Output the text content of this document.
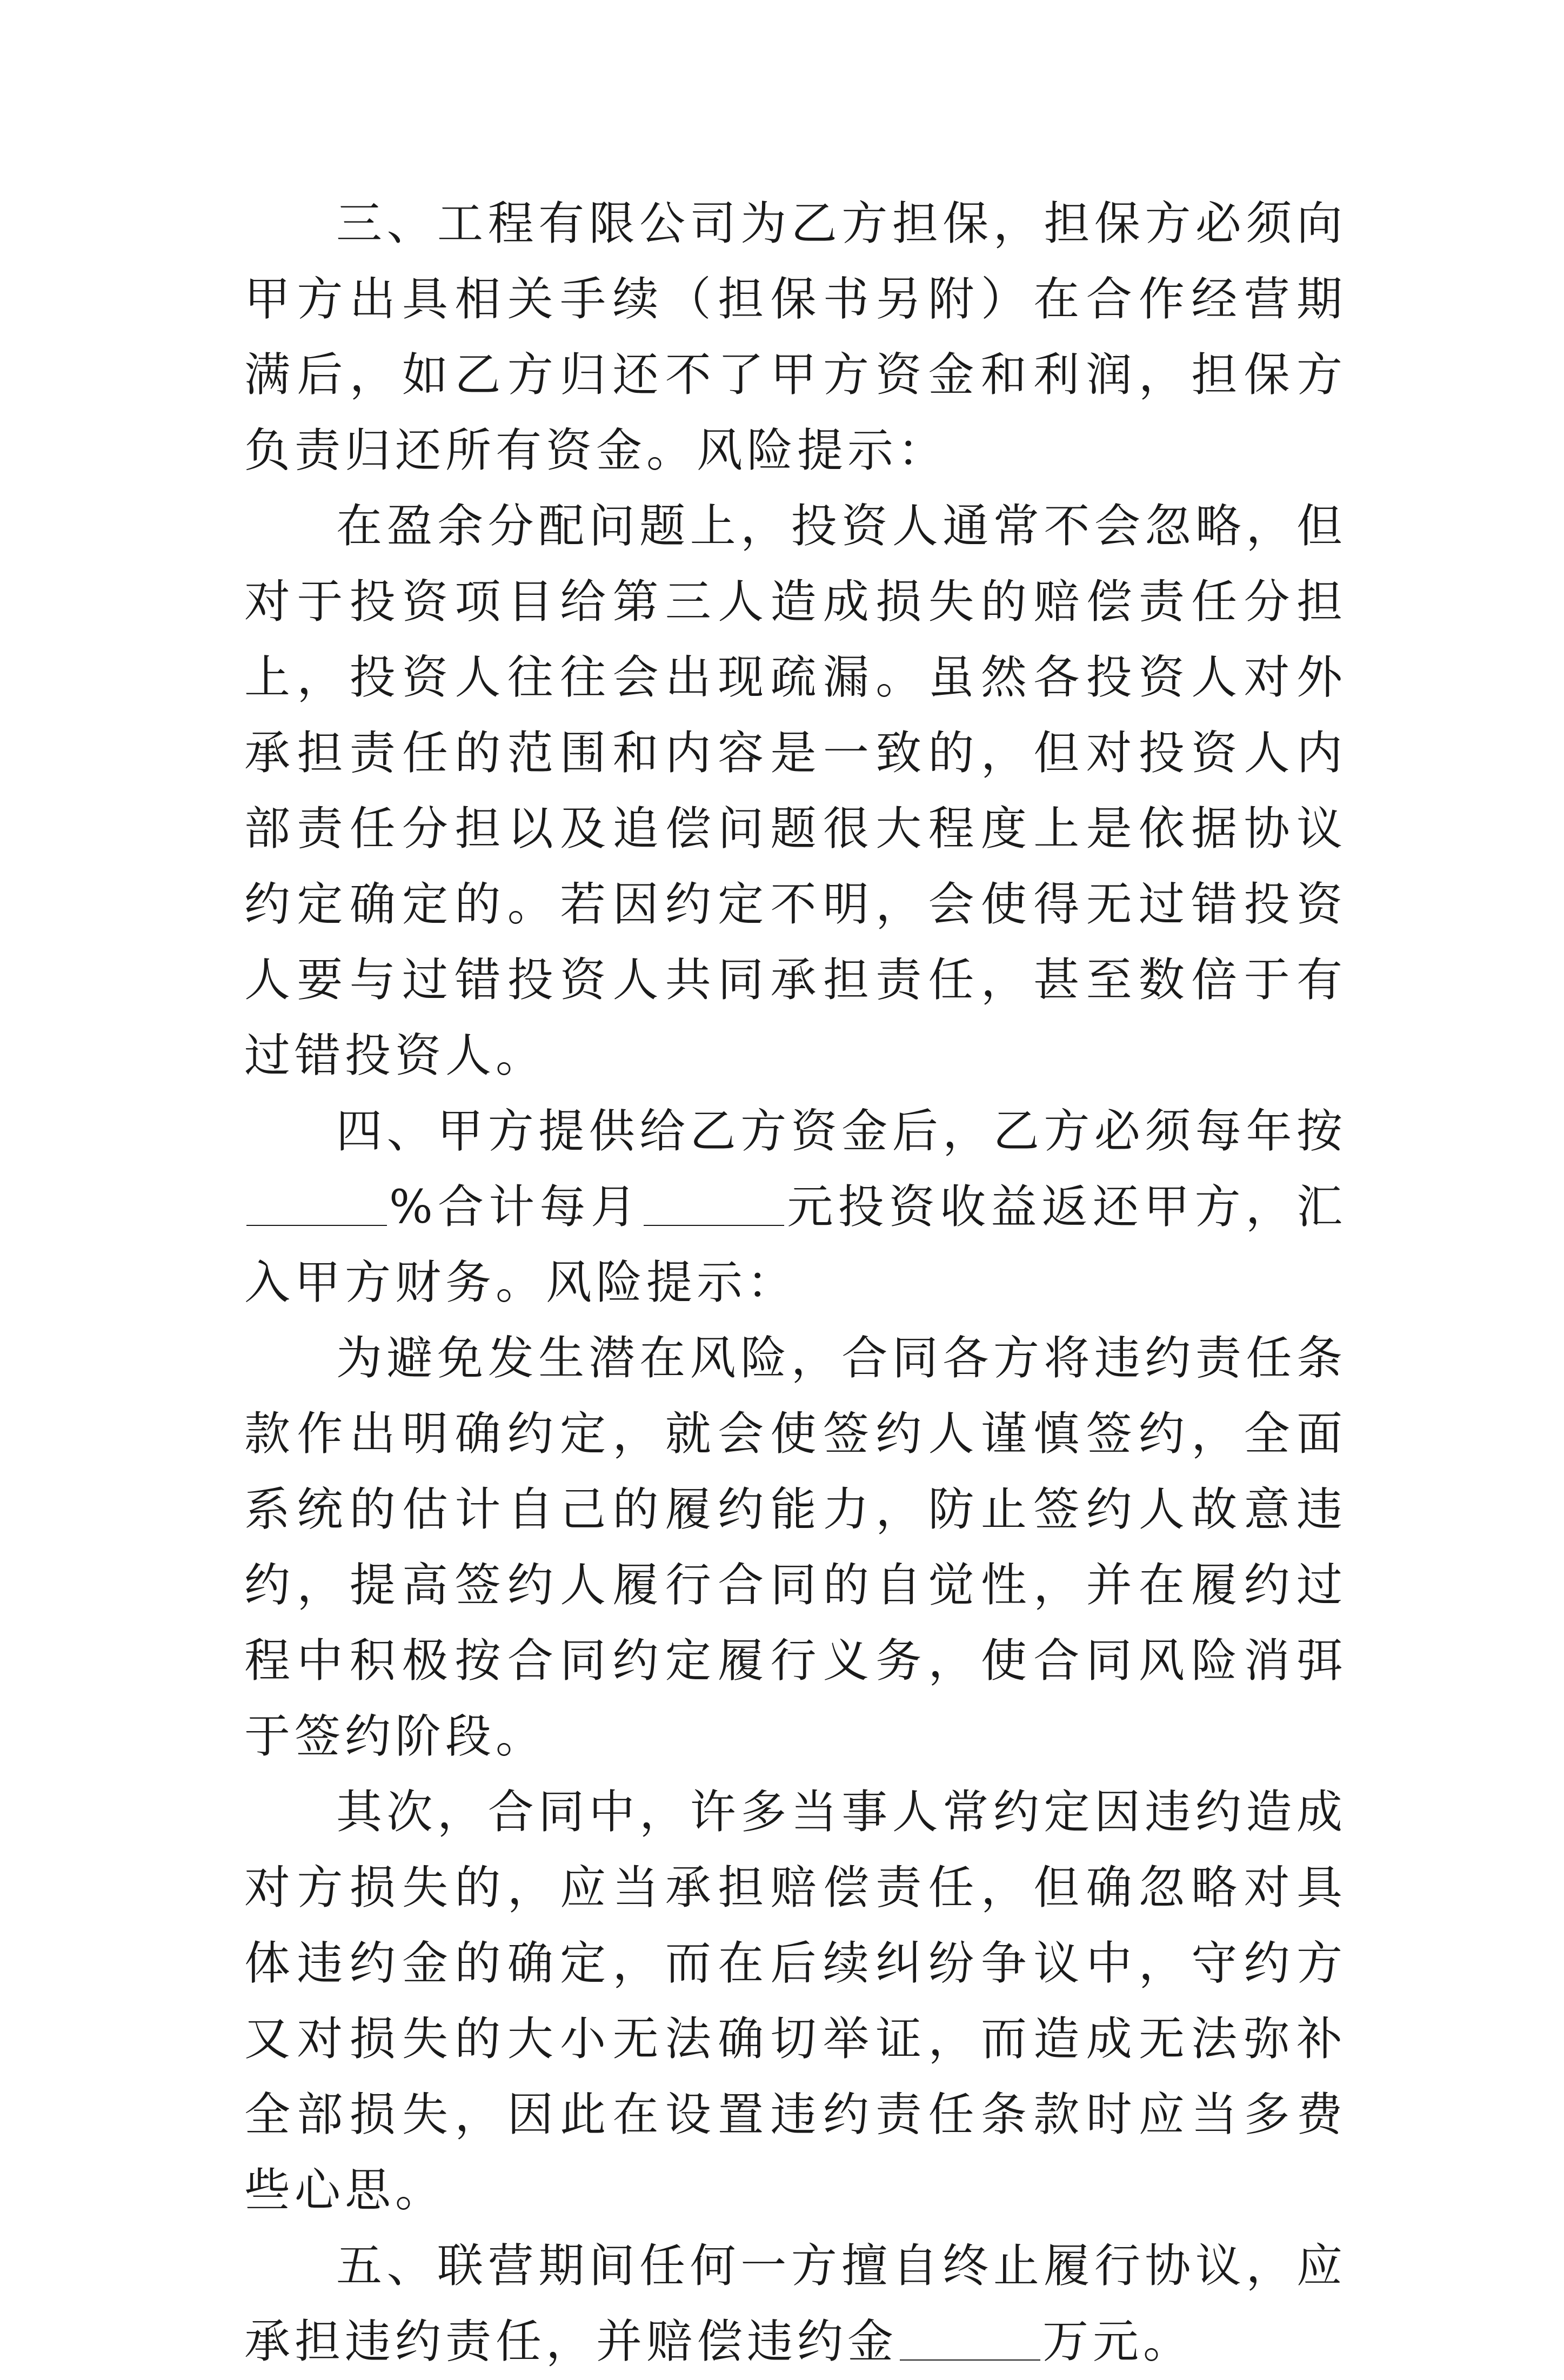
三、工程有限公司为乙方担保，担保方必须向甲方出具相关手续（担保书另附）在合作经营期满后，如乙方归还不了甲方资金和利润，担保方负责归还所有资金。风险提示：

在盈余分配问题上，投资人通常不会忽略，但对于投资项目给第三人造成损失的赔偿责任分担上，投资人往往会出现疏漏。虽然各投资人对外承担责任的范围和内容是一致的，但对投资人内部责任分担以及追偿问题很大程度上是依据协议约定确定的。若因约定不明，会使得无过错投资人要与过错投资人共同承担责任，甚至数倍于有过错投资人。

四、甲方提供给乙方资金后，乙方必须每年按%合计每月	元投资收益返还甲方，汇入甲方财务。风险提示：

为避免发生潜在风险，合同各方将违约责任条款作出明确约定，就会使签约人谨慎签约，全面系统的估计自己的履约能力，防止签约人故意违约，提高签约人履行合同的自觉性，并在履约过程中积极按合同约定履行义务，使合同风险消弭于签约阶段。

其次，合同中，许多当事人常约定因违约造成对方损失的，应当承担赔偿责任，但确忽略对具体违约金的确定，而在后续纠纷争议中，守约方又对损失的大小无法确切举证，而造成无法弥补全部损失，因此在设置违约责任条款时应当多费些心思。

五、联营期间任何一方擅自终止履行协议，应承担违约责任，并赔偿违约金	万元。
